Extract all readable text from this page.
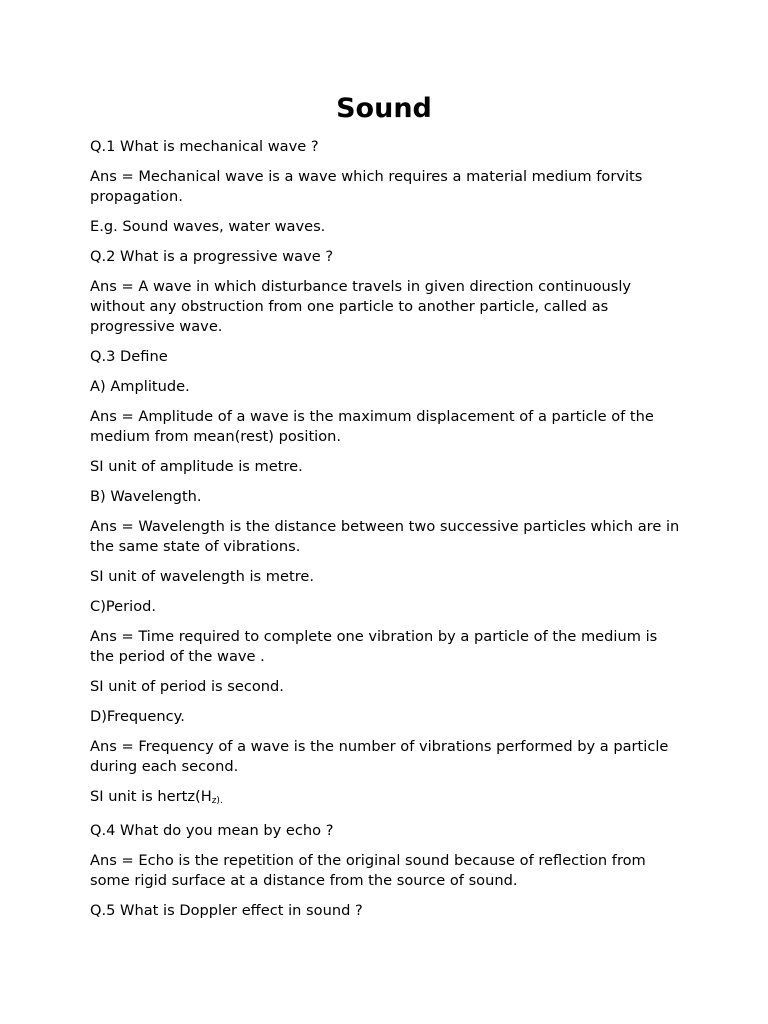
Sound

Q.1 What is mechanical wave ?

Ans = Mechanical wave is a wave which requires a material medium forvits propagation.

E.g. Sound waves, water waves.

Q.2 What is a progressive wave ?

Ans = A wave in which disturbance travels in given direction continuously without any obstruction from one particle to another particle, called as progressive wave.

Q.3 Define

A) Amplitude.

Ans = Amplitude of a wave is the maximum displacement of a particle of the medium from mean(rest) position.

SI unit of amplitude is metre.

B) Wavelength.

Ans = Wavelength is the distance between two successive particles which are in the same state of vibrations.

SI unit of wavelength is metre.

C)Period.

Ans = Time required to complete one vibration by a particle of the medium is the period of the wave .

SI unit of period is second.

D)Frequency.

Ans = Frequency of a wave is the number of vibrations performed by a particle during each second.

SI unit is $hertz(H_{z).}$

Q.4 What do you mean by echo ?

Ans = Echo is the repetition of the original sound because of reflection from some rigid surface at a distance from the source of sound.

Q.5 What is Doppler effect in sound ?
